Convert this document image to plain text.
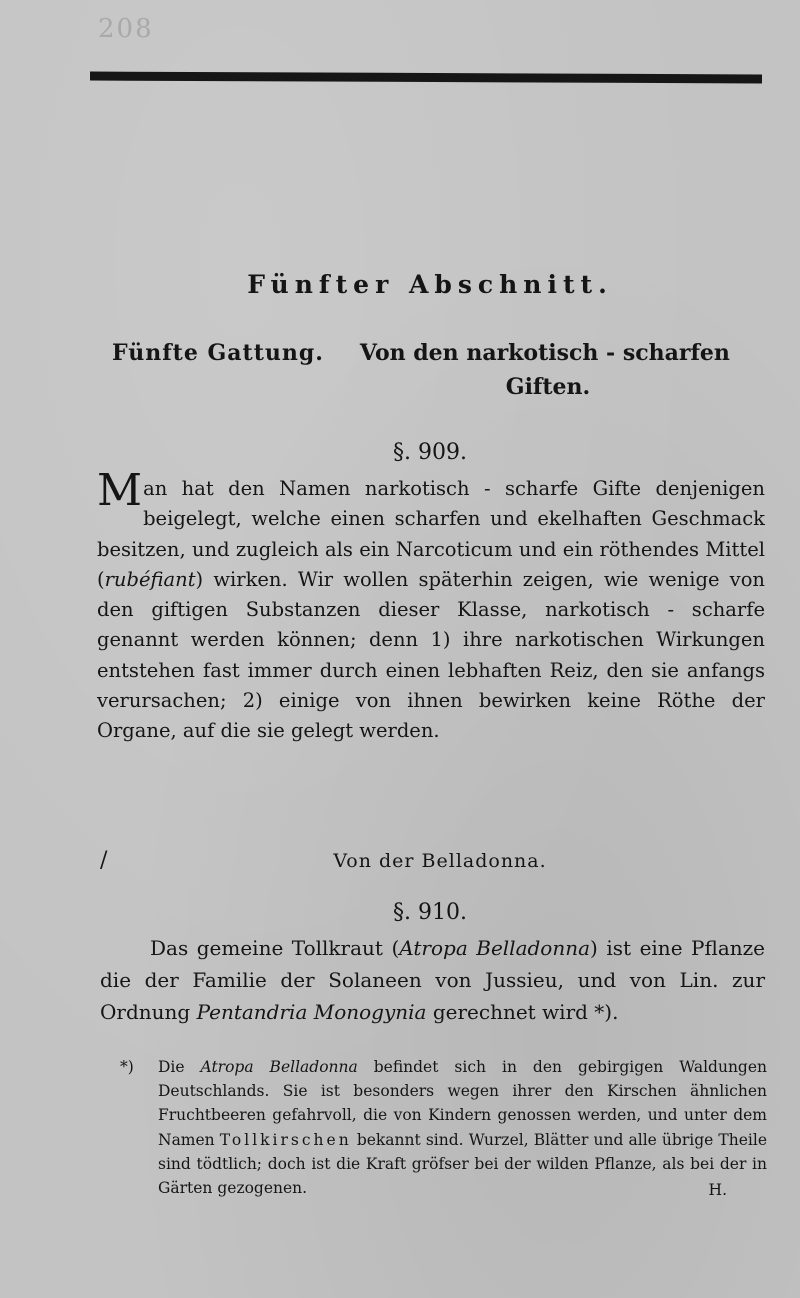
208
Fünfter Abschnitt.
Fünfte Gattung. Von den narkotisch - scharfen
Giften.
§. 909.
Man hat den Namen narkotisch - scharfe Gifte denjenigen beigelegt, welche einen scharfen und ekelhaften Geschmack besitzen, und zugleich als ein Narcoticum und ein röthendes Mittel (rubéfiant) wirken. Wir wollen späterhin zeigen, wie wenige von den giftigen Substanzen dieser Klasse, narkotisch - scharfe genannt werden können; denn 1) ihre narkotischen Wirkungen entstehen fast immer durch einen lebhaften Reiz, den sie anfangs verursachen; 2) einige von ihnen bewirken keine Röthe der Organe, auf die sie gelegt werden.
/	Von der Belladonna.
§. 910.
Das gemeine Tollkraut (Atropa Belladonna) ist eine Pflanze die der Familie der Solaneen von Jussieu, und von Lin. zur Ordnung Pentandria Monogynia gerechnet wird *).
*)	Die Atropa Belladonna befindet sich in den gebirgigen Waldungen Deutschlands. Sie ist besonders wegen ihrer den Kirschen ähnlichen Fruchtbeeren gefahrvoll, die von Kindern genossen werden, und unter dem Namen Tollkirschen bekannt sind. Wurzel, Blätter und alle übrige Theile sind tödtlich; doch ist die Kraft gröfser bei der wilden Pflanze, als bei der in Gärten gezogenen.	H.
